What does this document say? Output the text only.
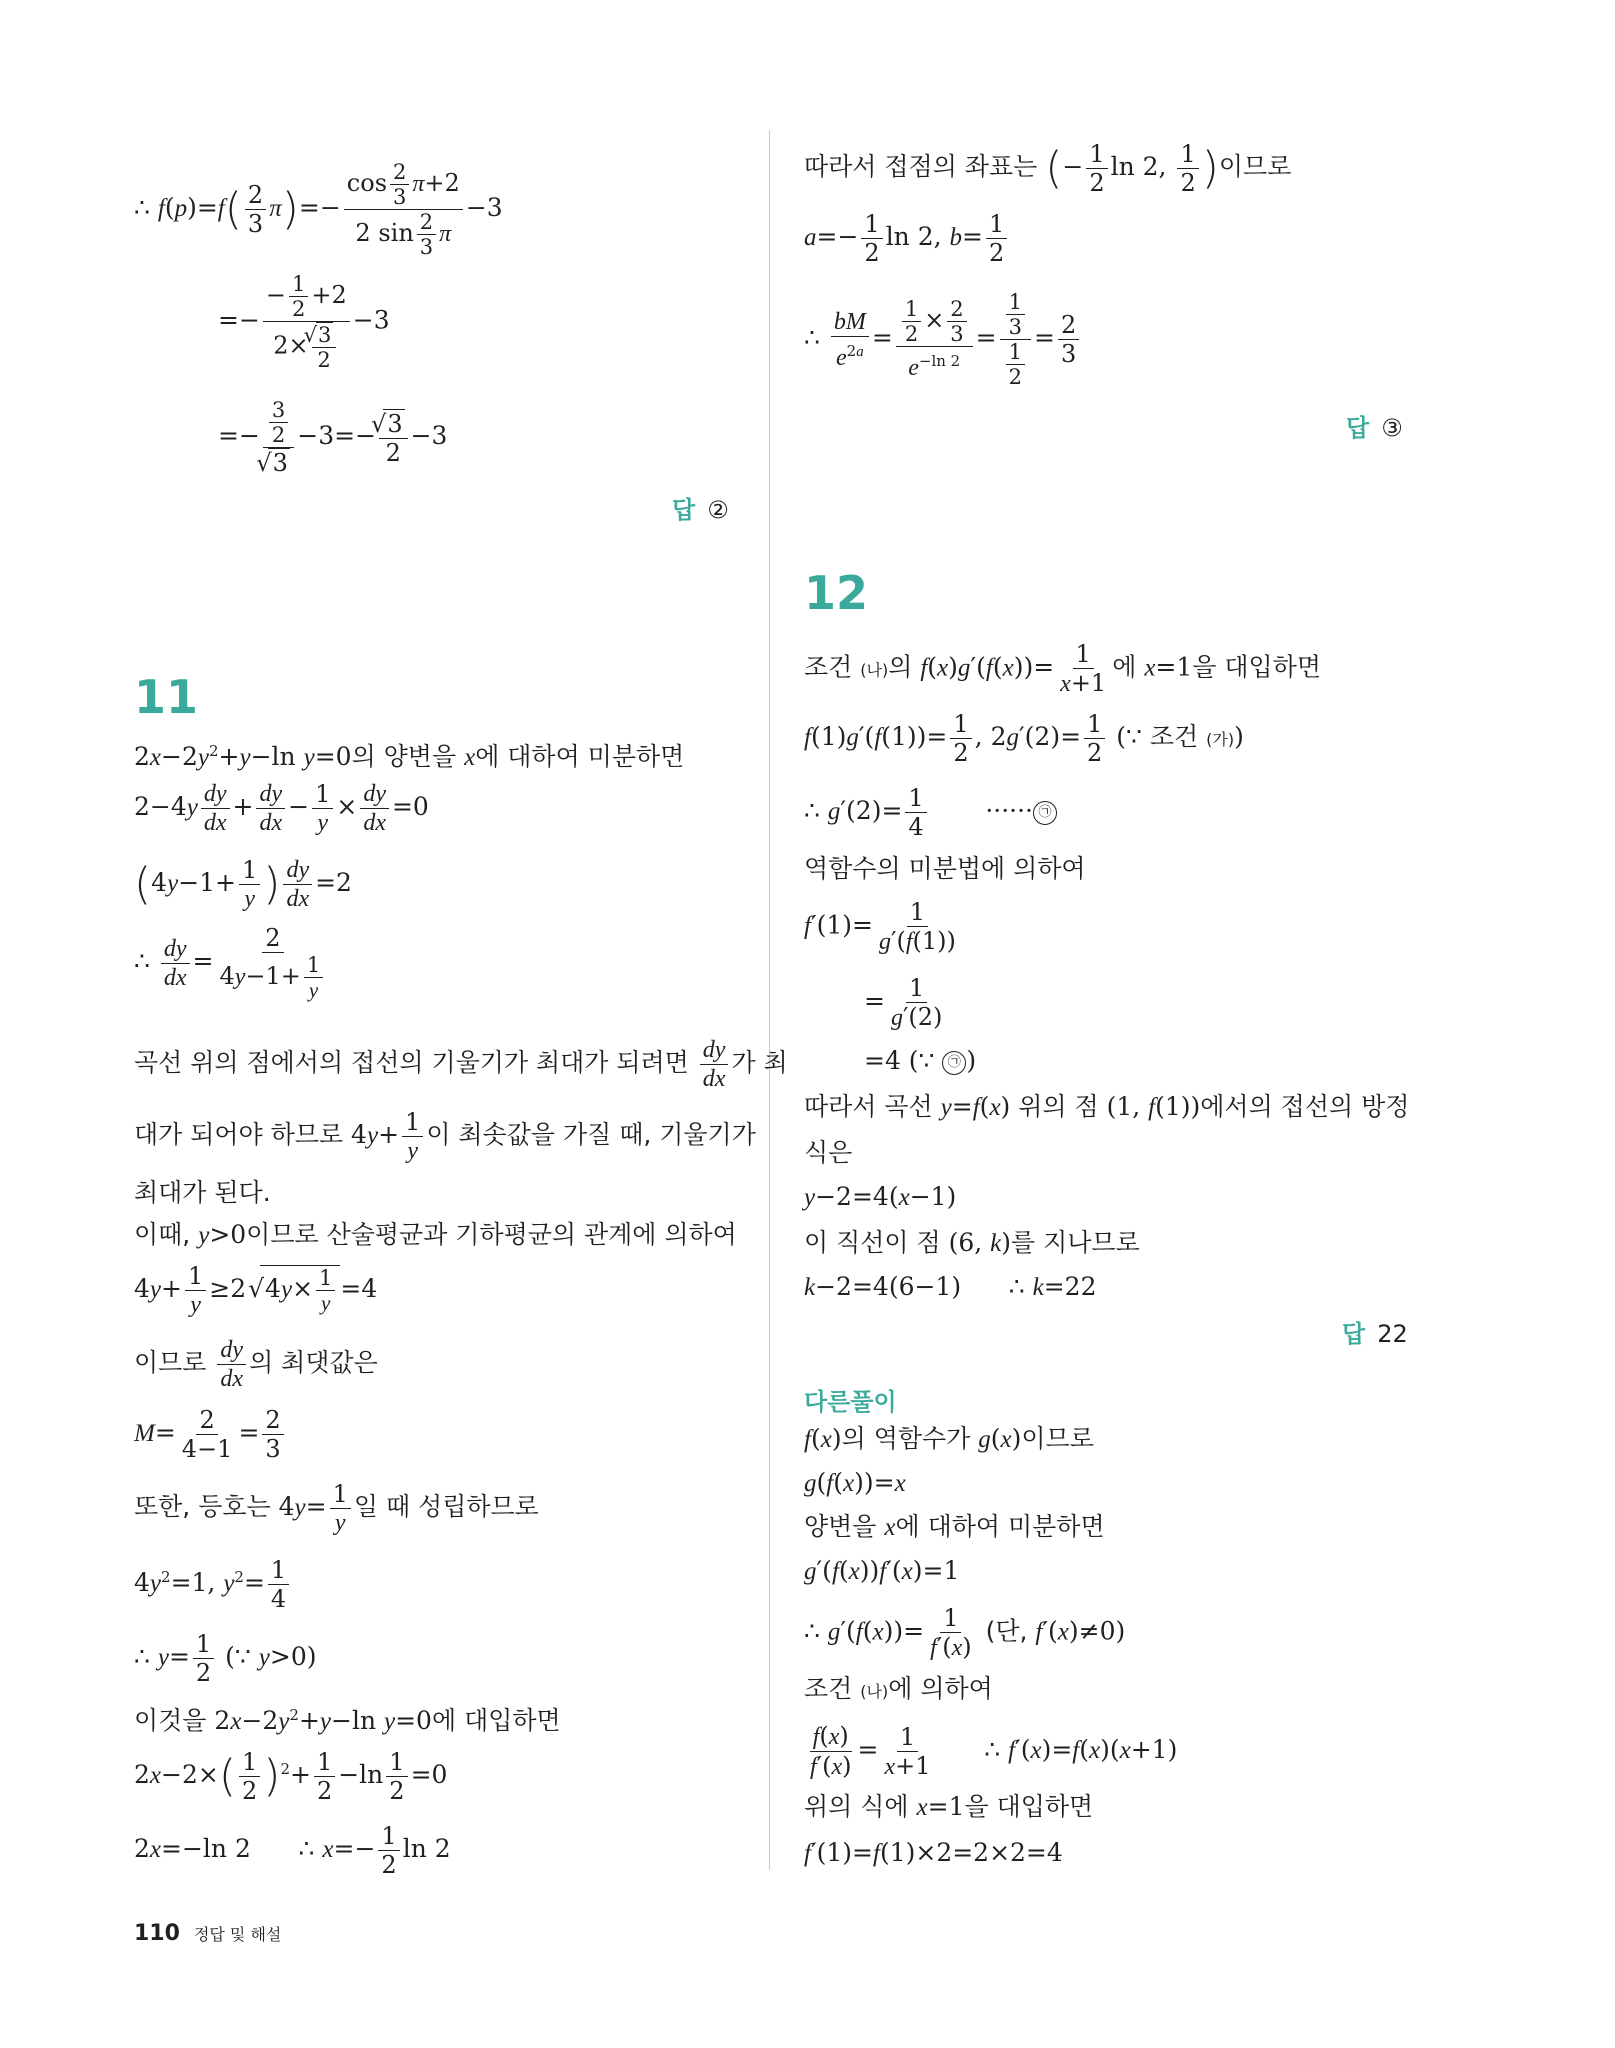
∴ $f(p)=f( \frac{2}{3} \pi)=- \frac{\cos \frac{2}{3} \pi+2}{2 \sin \frac{2}{3} \pi} -3$
=− $\frac{- \frac{1}{2} +2}{2\times √ \frac{3}{2}} -3$
=− $\frac{3}{2}$
√ 3 −3=− √ $\frac{3}{2} -3$
답 ②
11
$2x-2y^2+y-\ln$ y=0의 양변을 x에 대하여 미분하면
$2-4y \frac{dy}{dx} + \frac{dy}{dx} - \frac{1}{y} \times \frac{dy}{dx} =0$
($4y-1+ \frac{1}{y}$ ) $\frac{dy}{dx} =2$
∴ $\frac{dy}{dx} = \frac{2}{4y-1+ \frac{1}{y}}$
곡선 위의 점에서의 접선의 기울기가 최대가 되려면 $\frac{dy}{dx}$ 가 최
대가 되어야 하므로 $4y+ \frac{1}{y}$ 이 최솟값을 가질 때, 기울기가
최대가 된다.
이때, y>0이므로 산술평균과 기하평균의 관계에 의하여
$4y+ \frac{1}{y} \ge 2$ √ $4y\times \frac{1}{y} =4$
이므로 $\frac{dy}{dx}$ 의 최댓값은
$M= \frac{2}{4-1} = \frac{2}{3}$
또한, 등호는 $4y= \frac{1}{y}$ 일 때 성립하므로
$4y^2=1$, $y^2= \frac{1}{4}$
∴ $y= \frac{1}{2}$ (∵ y>0)
이것을 $2x-2y^2+y-\ln$ y=0에 대입하면
$2x-2\times( \frac{1}{2} )^2+ \frac{1}{2} -\ln \frac{1}{2} =0$
2x=−ln 2      ∴ $x=- \frac{1}{2}$ ln 2
따라서 접점의 좌표는 (− $\frac{1}{2}$ ln 2, $\frac{1}{2}$ )이므로
$a=- \frac{1}{2}$ ln 2, $b= \frac{1}{2}$
∴ $\frac{bM}{e^{2a}} = \frac{\frac{1}{2} \times \frac{2}{3}}{e^{-ln 2}} = \frac{\frac{1}{3}}{\frac{1}{2}} = \frac{2}{3}$
답 ③
12
조건 (나)의 $f(x)g'(f(x))= \frac{1}{x+1}$ 에 x=1을 대입하면
$f(1)g'(f(1))= \frac{1}{2}$ , $2g'(2)= \frac{1}{2}$ (∵ 조건 (가))
∴ $g'(2)= \frac{1}{4}$ ······ ㉠
역함수의 미분법에 의하여
$f'(1)= \frac{1}{g'(f(1))}$
= $\frac{1}{g'(2)}$
=4 (∵ ㉠ )
따라서 곡선 y=f(x) 위의 점 (1, f(1))에서의 접선의 방정
식은
y−2=4(x−1)
이 직선이 점 (6, k)를 지나므로
k−2=4(6−1)      ∴ k=22
답 22
다른풀이
f(x)의 역함수가 g(x)이므로
g(f(x))=x
양변을 x에 대하여 미분하면
g′(f(x))f′(x)=1
∴ $g'(f(x))= \frac{1}{f'(x)}$ (단, f′(x)≠0)
조건 (나)에 의하여
$\frac{f(x)}{f'(x)} = \frac{1}{x+1}$ ∴ f′(x)=f(x)(x+1)
위의 식에 x=1을 대입하면
f′(1)=f(1)×2=2×2=4
110 정답 및 해설
